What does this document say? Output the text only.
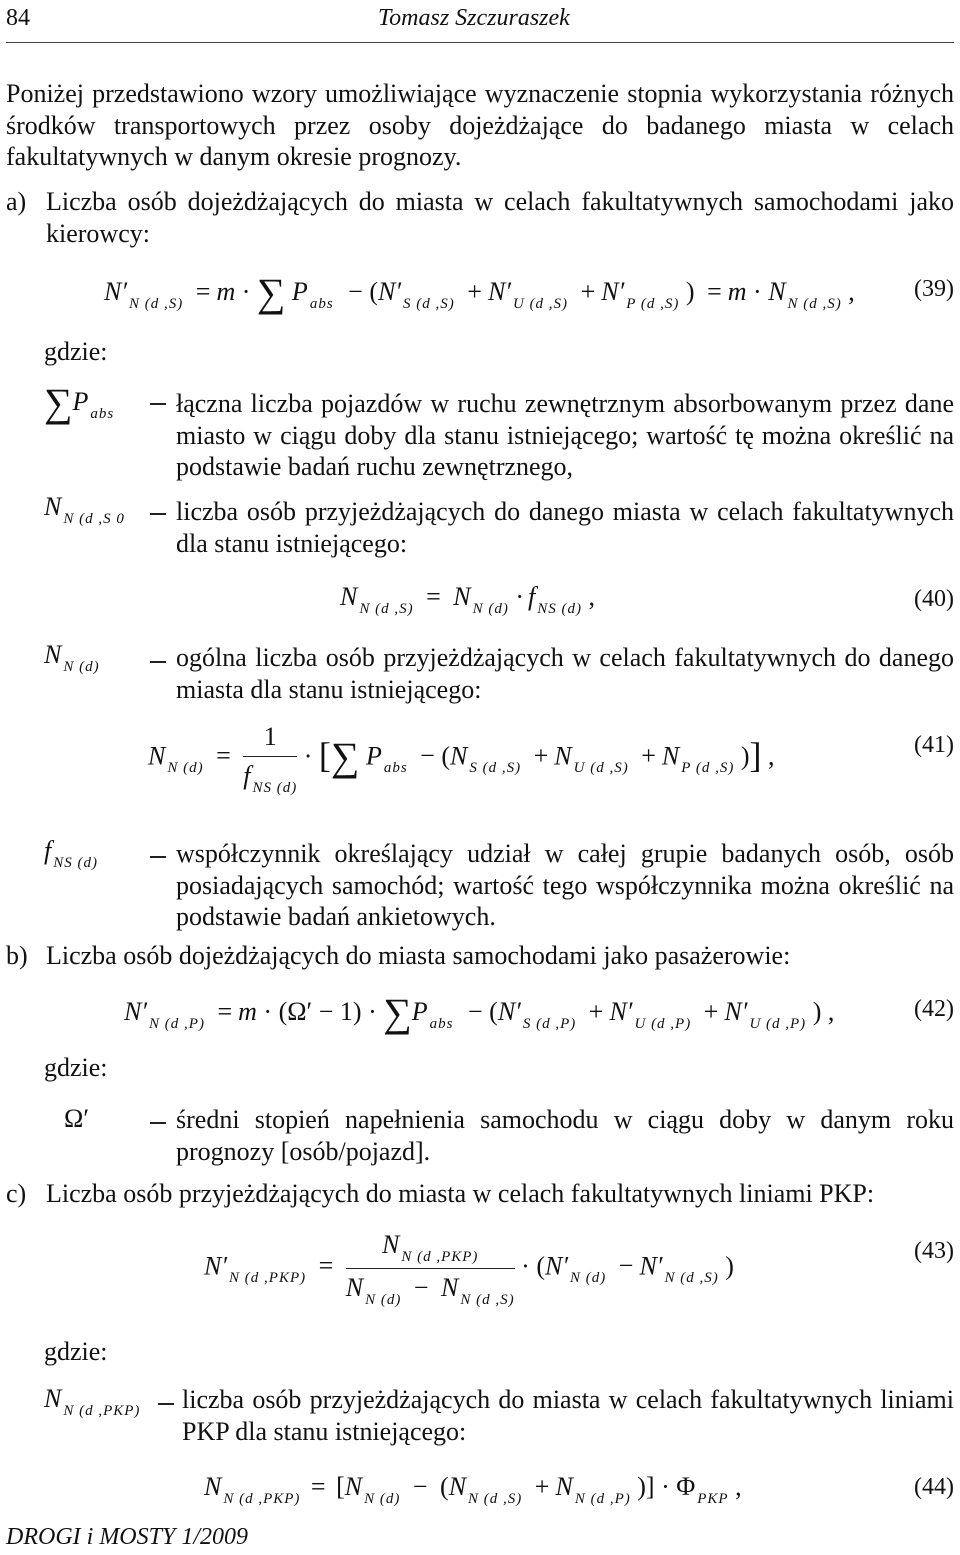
84	Tomasz Szczuraszek
Poniżej przedstawiono wzory umożliwiające wyznaczenie stopnia wykorzystania różnych środków transportowych przez osoby dojeżdżające do badanego miasta w celach fakultatywnych w danym okresie prognozy.
a) Liczba osób dojeżdżających do miasta w celach fakultatywnych samochodami jako kierowcy:
N′ $_{N (d ,S)}$ = m · ∑ P $_{abs}$ − (N′ $_{S (d ,S)}$ + N′ $_{U (d ,S)}$ + N′ $_{P (d ,S)}$ ) = m · N $_{N (d ,S)}$ , (39)
gdzie:
∑P $_{abs}$ łączna liczba pojazdów w ruchu zewnętrznym absorbowanym przez dane miasto w ciągu doby dla stanu istniejącego; wartość tę można określić na podstawie badań ruchu zewnętrznego,
N $_{N (d ,S 0}$ liczba osób przyjeżdżających do danego miasta w celach fakultatywnych dla stanu istniejącego:
N $_{N (d ,S)}$ = N $_{N (d)}$ · f $_{NS (d)}$ ,	(40)
N $_{N (d)}$	ogólna liczba osób przyjeżdżających w celach fakultatywnych do danego miasta dla stanu istniejącego:
N $_{N (d)} = \frac{1}{f _{NS (d)}}$ · [∑ P $_{abs}$ − (N $_{S (d ,S)}$ + N $_{U (d ,S)}$ + N $_{P (d ,S)}$ )] ,	(41)
f $_{NS (d)}$	współczynnik określający udział w całej grupie badanych osób, osób posiadających samochód; wartość tego współczynnika można określić na podstawie badań ankietowych.
b) Liczba osób dojeżdżających do miasta samochodami jako pasażerowie:
N′ $_{N (d ,P)}$ = m · (Ω′ − 1) · ∑P $_{abs}$ − (N′ $_{S (d ,P)}$ + N′ $_{U (d ,P)}$ + N′ $_{U (d ,P)}$ ) ,	(42)
gdzie:
Ω′	średni stopień napełnienia samochodu w ciągu doby w danym roku prognozy [osób/pojazd].
c) Liczba osób przyjeżdżających do miasta w celach fakultatywnych liniami PKP:
N′ $_{N (d ,PKP)} = \frac{N _{N (d ,PKP)}}{N _{N (d)} - N _{N (d ,S)}} \cdot (N'$ $_{N (d)}$ − N′ $_{N (d ,S)}$ )
(43)
gdzie:
N $_{N (d ,PKP)}$ liczba osób przyjeżdżających do miasta w celach fakultatywnych liniami PKP dla stanu istniejącego:
N $_{N (d ,PKP)}$ = [N $_{N (d)}$ − (N $_{N (d ,S)}$ + N $_{N (d ,P)}$ )] · Φ $_{PKP}$ ,	(44)
DROGI i MOSTY 1/2009
